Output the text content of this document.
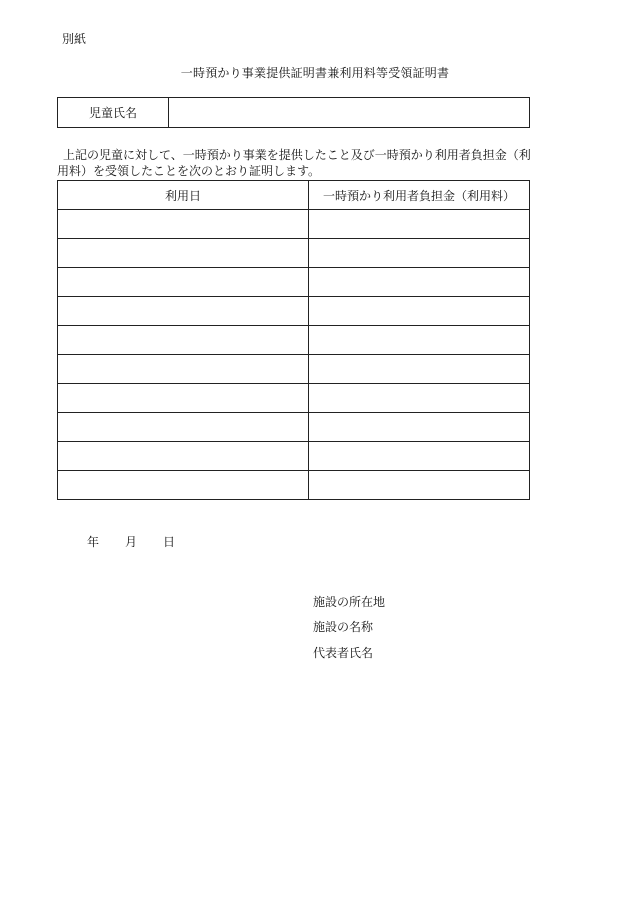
別紙
一時預かり事業提供証明書兼利用料等受領証明書
児童氏名

上記の児童に対して、一時預かり事業を提供したこと及び一時預かり利用者負担金（利

用料）を受領したことを次のとおり証明します。

利用日	一時預かり利用者負担金（利用料）

年 月 日
施設の所在地
施設の名称
代表者氏名
